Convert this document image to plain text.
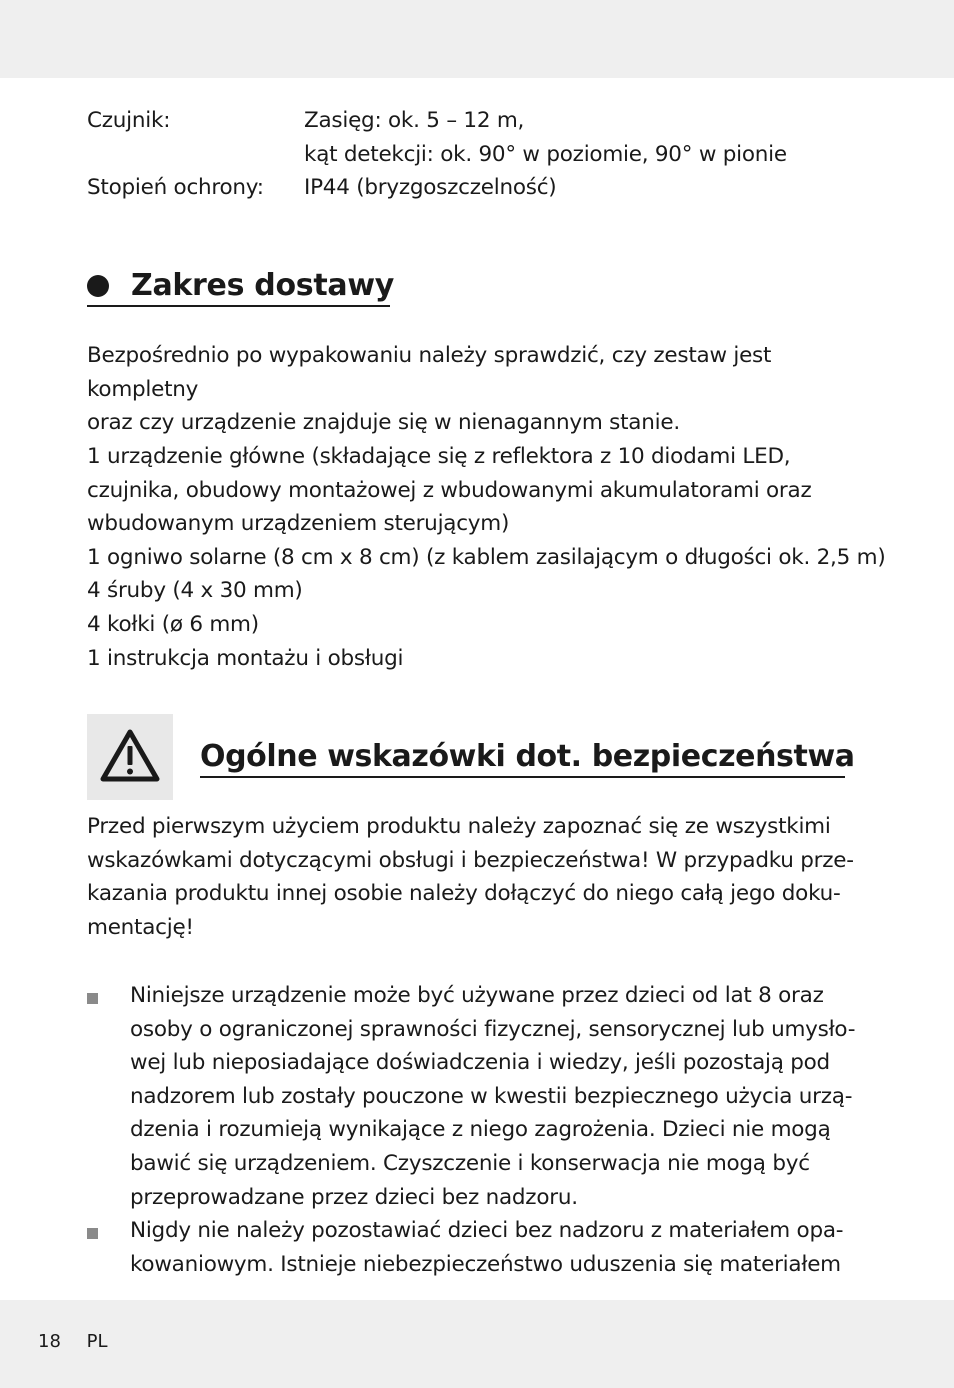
Czujnik:	Zasięg: ok. 5 – 12 m,
kąt detekcji: ok. 90° w poziomie, 90° w pionie
Stopień ochrony:	IP44 (bryzgoszczelność)
Zakres dostawy
Bezpośrednio po wypakowaniu należy sprawdzić, czy zestaw jest kompletny
oraz czy urządzenie znajduje się w nienagannym stanie.
1 urządzenie główne (składające się z reflektora z 10 diodami LED,
czujnika, obudowy montażowej z wbudowanymi akumulatorami oraz
wbudowanym urządzeniem sterującym)
1 ogniwo solarne (8 cm x 8 cm) (z kablem zasilającym o długości ok. 2,5 m)
4 śruby (4 x 30 mm)
4 kołki (ø 6 mm)
1 instrukcja montażu i obsługi
Ogólne wskazówki dot. bezpieczeństwa
Przed pierwszym użyciem produktu należy zapoznać się ze wszystkimi
wskazówkami dotyczącymi obsługi i bezpieczeństwa! W przypadku prze-
kazania produktu innej osobie należy dołączyć do niego całą jego doku-
mentację!
Niniejsze urządzenie może być używane przez dzieci od lat 8 oraz
osoby o ograniczonej sprawności fizycznej, sensorycznej lub umysło-
wej lub nieposiadające doświadczenia i wiedzy, jeśli pozostają pod
nadzorem lub zostały pouczone w kwestii bezpiecznego użycia urzą-
dzenia i rozumieją wynikające z niego zagrożenia. Dzieci nie mogą
bawić się urządzeniem. Czyszczenie i konserwacja nie mogą być
przeprowadzane przez dzieci bez nadzoru.
Nigdy nie należy pozostawiać dzieci bez nadzoru z materiałem opa-
kowaniowym. Istnieje niebezpieczeństwo uduszenia się materiałem
18 PL
